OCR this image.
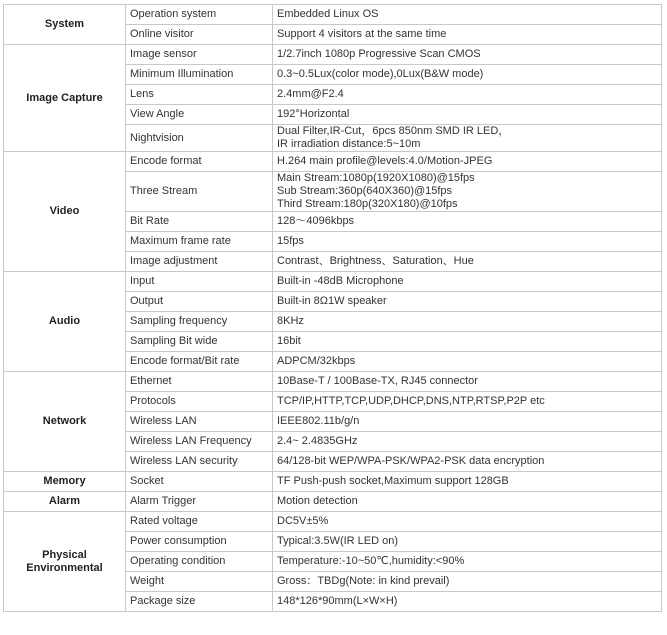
System	Operation system	Embedded Linux OS
	Online visitor	Support 4 visitors at the same time
Image Capture	Image sensor	1/2.7inch 1080p Progressive Scan CMOS
	Minimum Illumination	0.3~0.5Lux(color mode),0Lux(B&W mode)
	Lens	2.4mm@F2.4
	View Angle	192°Horizontal
	Nightvision	Dual Filter,IR-Cut，6pcs 850nm SMD IR LED，
IR irradiation distance:5~10m
Video	Encode format	H.264 main profile@levels:4.0/Motion-JPEG
	Three Stream	Main Stream:1080p(1920X1080)@15fps
Sub Stream:360p(640X360)@15fps
Third Stream:180p(320X180)@10fps
	Bit Rate	128～4096kbps
	Maximum frame rate	15fps
	Image adjustment	Contrast、Brightness、Saturation、Hue
Audio	Input	Built-in -48dB Microphone
	Output	Built-in 8Ω1W speaker
	Sampling frequency	8KHz
	Sampling Bit wide	16bit
	Encode format/Bit rate	ADPCM/32kbps
Network	Ethernet	10Base-T / 100Base-TX, RJ45 connector
	Protocols	TCP/IP,HTTP,TCP,UDP,DHCP,DNS,NTP,RTSP,P2P etc
	Wireless LAN	IEEE802.11b/g/n
	Wireless LAN Frequency	2.4~ 2.4835GHz
	Wireless LAN security	64/128-bit WEP/WPA-PSK/WPA2-PSK data encryption
Memory	Socket	TF Push-push socket,Maximum support 128GB
Alarm	Alarm Trigger	Motion detection
Physical
Environmental	Rated voltage	DC5V±5%
	Power consumption	Typical:3.5W(IR LED on)
	Operating condition	Temperature:-10~50℃,humidity:<90%
	Weight	Gross：TBDg(Note: in kind prevail)
	Package size	148*126*90mm(L×W×H)
